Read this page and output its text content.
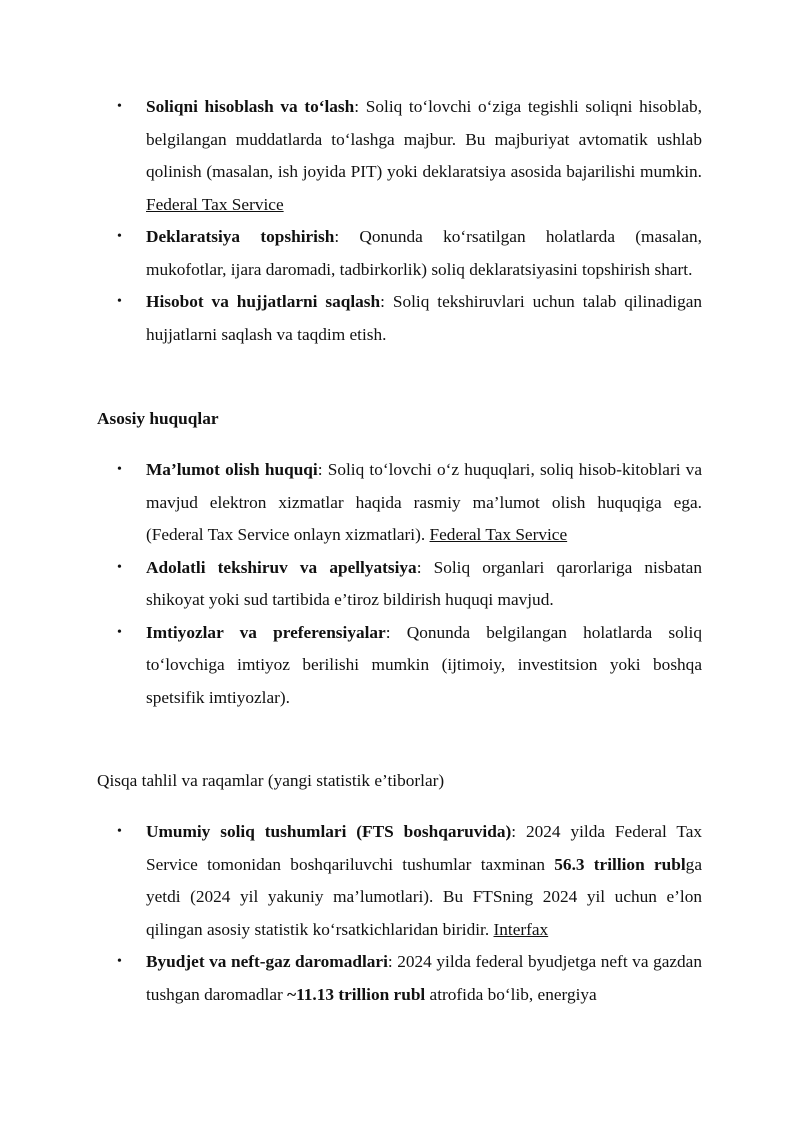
• Soliqni hisoblash va to‘lash: Soliq to‘lovchi o‘ziga tegishli soliqni hisoblab, belgilangan muddatlarda to‘lashga majbur. Bu majburiyat avtomatik ushlab qolinish (masalan, ish joyida PIT) yoki deklaratsiya asosida bajarilishi mumkin. Federal Tax Service
• Deklaratsiya topshirish: Qonunda ko‘rsatilgan holatlarda (masalan, mukofotlar, ijara daromadi, tadbirkorlik) soliq deklaratsiyasini topshirish shart.
• Hisobot va hujjatlarni saqlash: Soliq tekshiruvlari uchun talab qilinadigan hujjatlarni saqlash va taqdim etish.
Asosiy huquqlar
• Ma’lumot olish huquqi: Soliq to‘lovchi o‘z huquqlari, soliq hisob-kitoblari va mavjud elektron xizmatlar haqida rasmiy ma’lumot olish huquqiga ega. (Federal Tax Service onlayn xizmatlari). Federal Tax Service
• Adolatli tekshiruv va apellyatsiya: Soliq organlari qarorlariga nisbatan shikoyat yoki sud tartibida e’tiroz bildirish huquqi mavjud.
• Imtiyozlar va preferensiyalar: Qonunda belgilangan holatlarda soliq to‘lovchiga imtiyoz berilishi mumkin (ijtimoiy, investitsion yoki boshqa spetsifik imtiyozlar).
Qisqa tahlil va raqamlar (yangi statistik e’tiborlar)
• Umumiy soliq tushumlari (FTS boshqaruvida): 2024 yilda Federal Tax Service tomonidan boshqariluvchi tushumlar taxminan 56.3 trillion rublga yetdi (2024 yil yakuniy ma’lumotlari). Bu FTSning 2024 yil uchun e’lon qilingan asosiy statistik ko‘rsatkichlaridan biridir. Interfax
• Byudjet va neft-gaz daromadlari: 2024 yilda federal byudjetga neft va gazdan tushgan daromadlar ~11.13 trillion rubl atrofida bo‘lib, energiya
